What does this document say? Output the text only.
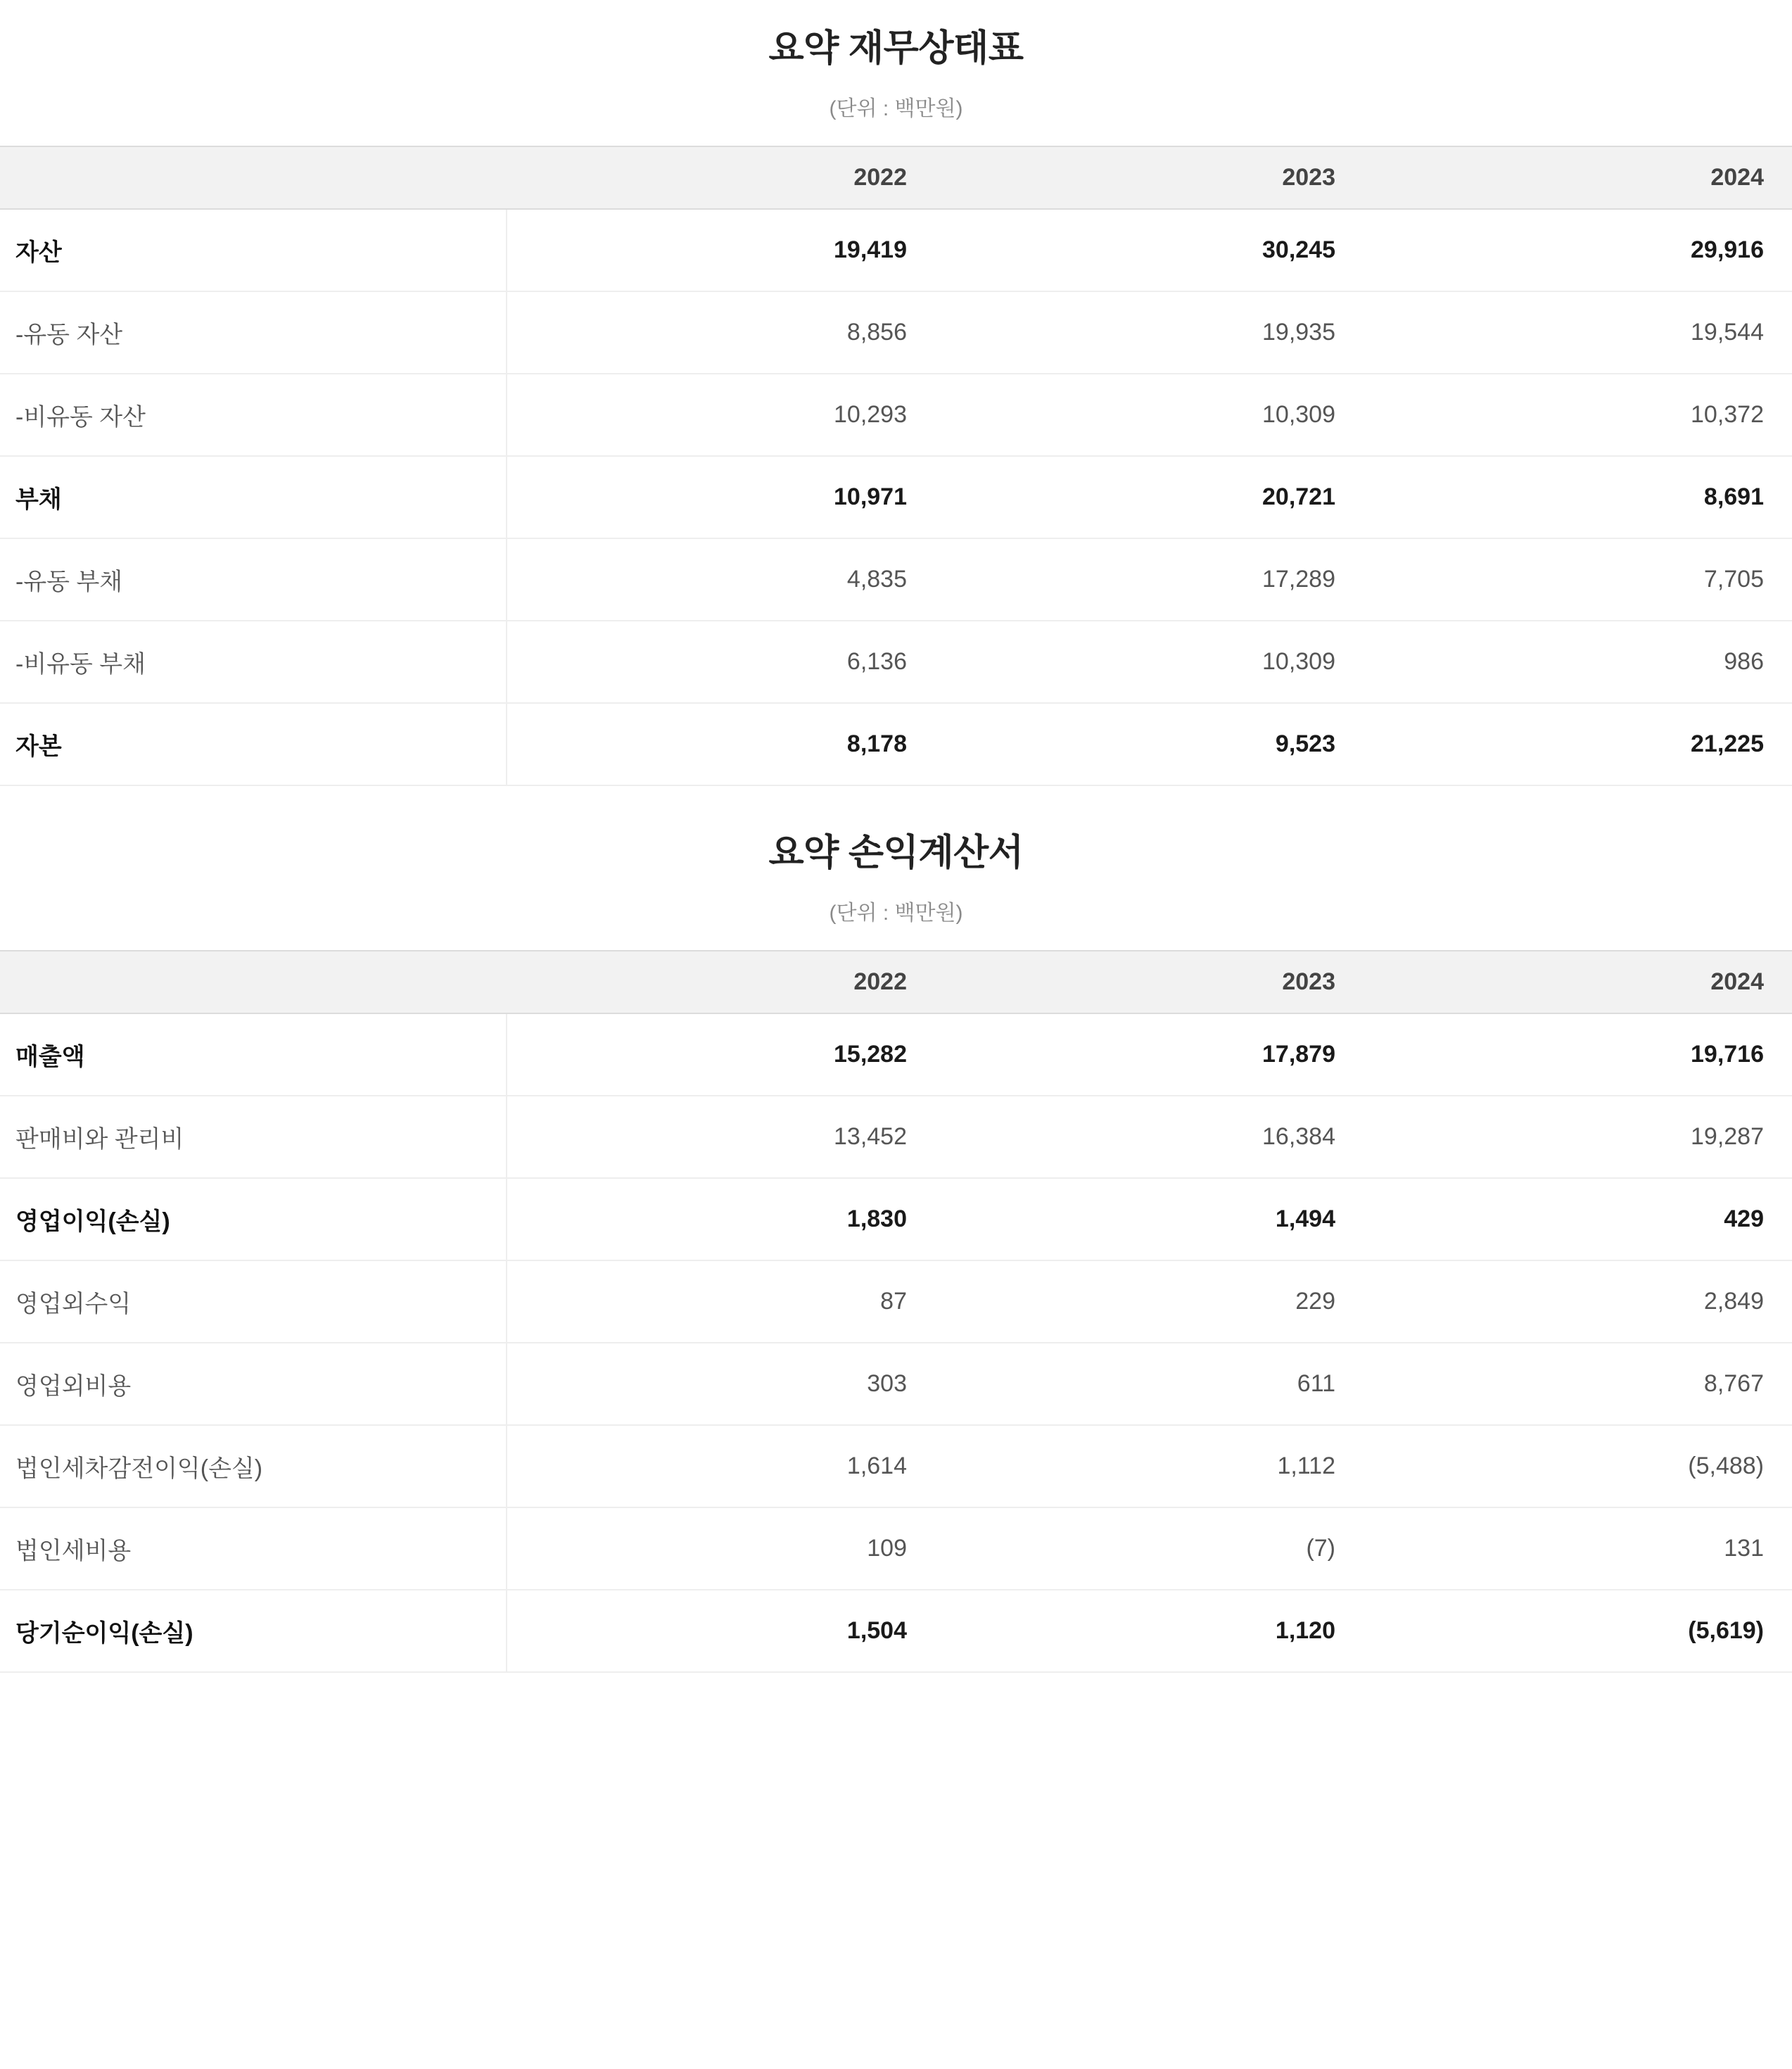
요약 재무상태표
(단위 : 백만원)
	2022	2023	2024
자산	19,419	30,245	29,916
-유동 자산	8,856	19,935	19,544
-비유동 자산	10,293	10,309	10,372
부채	10,971	20,721	8,691
-유동 부채	4,835	17,289	7,705
-비유동 부채	6,136	10,309	986
자본	8,178	9,523	21,225
요약 손익계산서
(단위 : 백만원)
	2022	2023	2024
매출액	15,282	17,879	19,716
판매비와 관리비	13,452	16,384	19,287
영업이익(손실)	1,830	1,494	429
영업외수익	87	229	2,849
영업외비용	303	611	8,767
법인세차감전이익(손실)	1,614	1,112	(5,488)
법인세비용	109	(7)	131
당기순이익(손실)	1,504	1,120	(5,619)
